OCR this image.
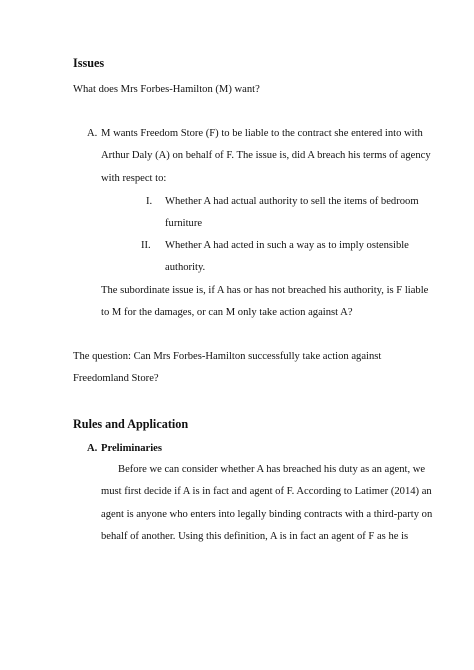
Issues
What does Mrs Forbes-Hamilton (M) want?
A. M wants Freedom Store (F) to be liable to the contract she entered into with
Arthur Daly (A) on behalf of F. The issue is, did A breach his terms of agency
with respect to:
I. Whether A had actual authority to sell the items of bedroom
furniture
II. Whether A had acted in such a way as to imply ostensible
authority.
The subordinate issue is, if A has or has not breached his authority, is F liable
to M for the damages, or can M only take action against A?
The question: Can Mrs Forbes-Hamilton successfully take action against
Freedomland Store?
Rules and Application
A. Preliminaries
Before we can consider whether A has breached his duty as an agent, we
must first decide if A is in fact and agent of F. According to Latimer (2014) an
agent is anyone who enters into legally binding contracts with a third-party on
behalf of another. Using this definition, A is in fact an agent of F as he is
